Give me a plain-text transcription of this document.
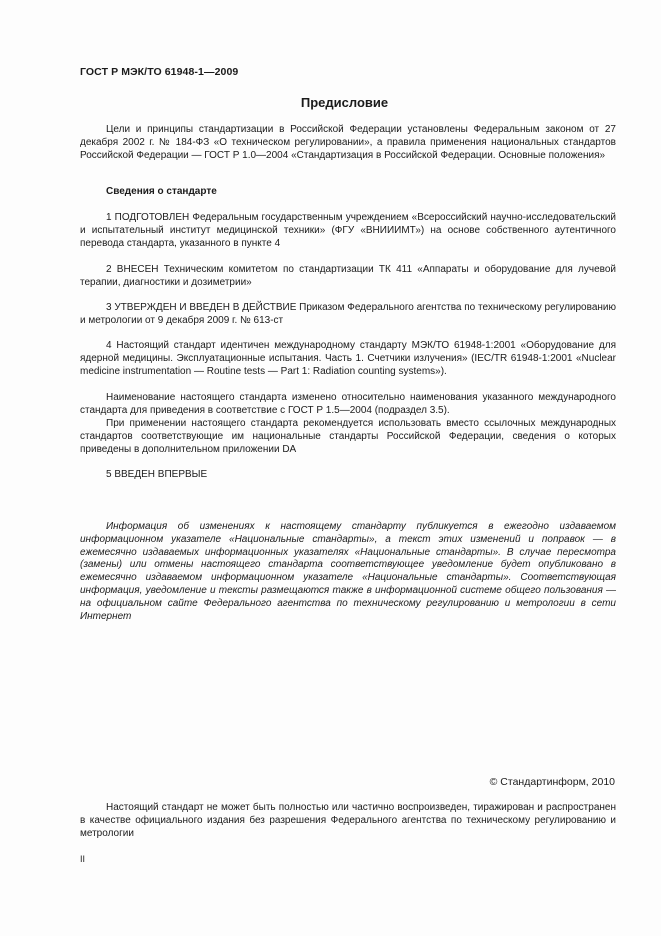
ГОСТ Р МЭК/ТО 61948-1—2009
Предисловие

Цели и принципы стандартизации в Российской Федерации установлены Федеральным законом от 27 декабря 2002 г. № 184-ФЗ «О техническом регулировании», а правила применения национальных стандартов Российской Федерации — ГОСТ Р 1.0—2004 «Стандартизация в Российской Федерации. Основные положения»

Сведения о стандарте

1 ПОДГОТОВЛЕН Федеральным государственным учреждением «Всероссийский научно-исследовательский и испытательный институт медицинской техники» (ФГУ «ВНИИИМТ») на основе собственного аутентичного перевода стандарта, указанного в пункте 4

2 ВНЕСЕН Техническим комитетом по стандартизации ТК 411 «Аппараты и оборудование для лучевой терапии, диагностики и дозиметрии»

3 УТВЕРЖДЕН И ВВЕДЕН В ДЕЙСТВИЕ Приказом Федерального агентства по техническому регулированию и метрологии от 9 декабря 2009 г. № 613-ст

4 Настоящий стандарт идентичен международному стандарту МЭК/ТО 61948-1:2001 «Оборудование для ядерной медицины. Эксплуатационные испытания. Часть 1. Счетчики излучения» (IEC/TR 61948-1:2001 «Nuclear medicine instrumentation — Routine tests — Part 1: Radiation counting systems»).

Наименование настоящего стандарта изменено относительно наименования указанного международного стандарта для приведения в соответствие с ГОСТ Р 1.5—2004 (подраздел 3.5).

При применении настоящего стандарта рекомендуется использовать вместо ссылочных международных стандартов соответствующие им национальные стандарты Российской Федерации, сведения о которых приведены в дополнительном приложении DA

5 ВВЕДЕН ВПЕРВЫЕ

Информация об изменениях к настоящему стандарту публикуется в ежегодно издаваемом информационном указателе «Национальные стандарты», а текст этих изменений и поправок — в ежемесячно издаваемых информационных указателях «Национальные стандарты». В случае пересмотра (замены) или отмены настоящего стандарта соответствующее уведомление будет опубликовано в ежемесячно издаваемом информационном указателе «Национальные стандарты». Соответствующая информация, уведомление и тексты размещаются также в информационной системе общего пользования — на официальном сайте Федерального агентства по техническому регулированию и метрологии в сети Интернет

© Стандартинформ, 2010

Настоящий стандарт не может быть полностью или частично воспроизведен, тиражирован и распространен в качестве официального издания без разрешения Федерального агентства по техническому регулированию и метрологии

II
